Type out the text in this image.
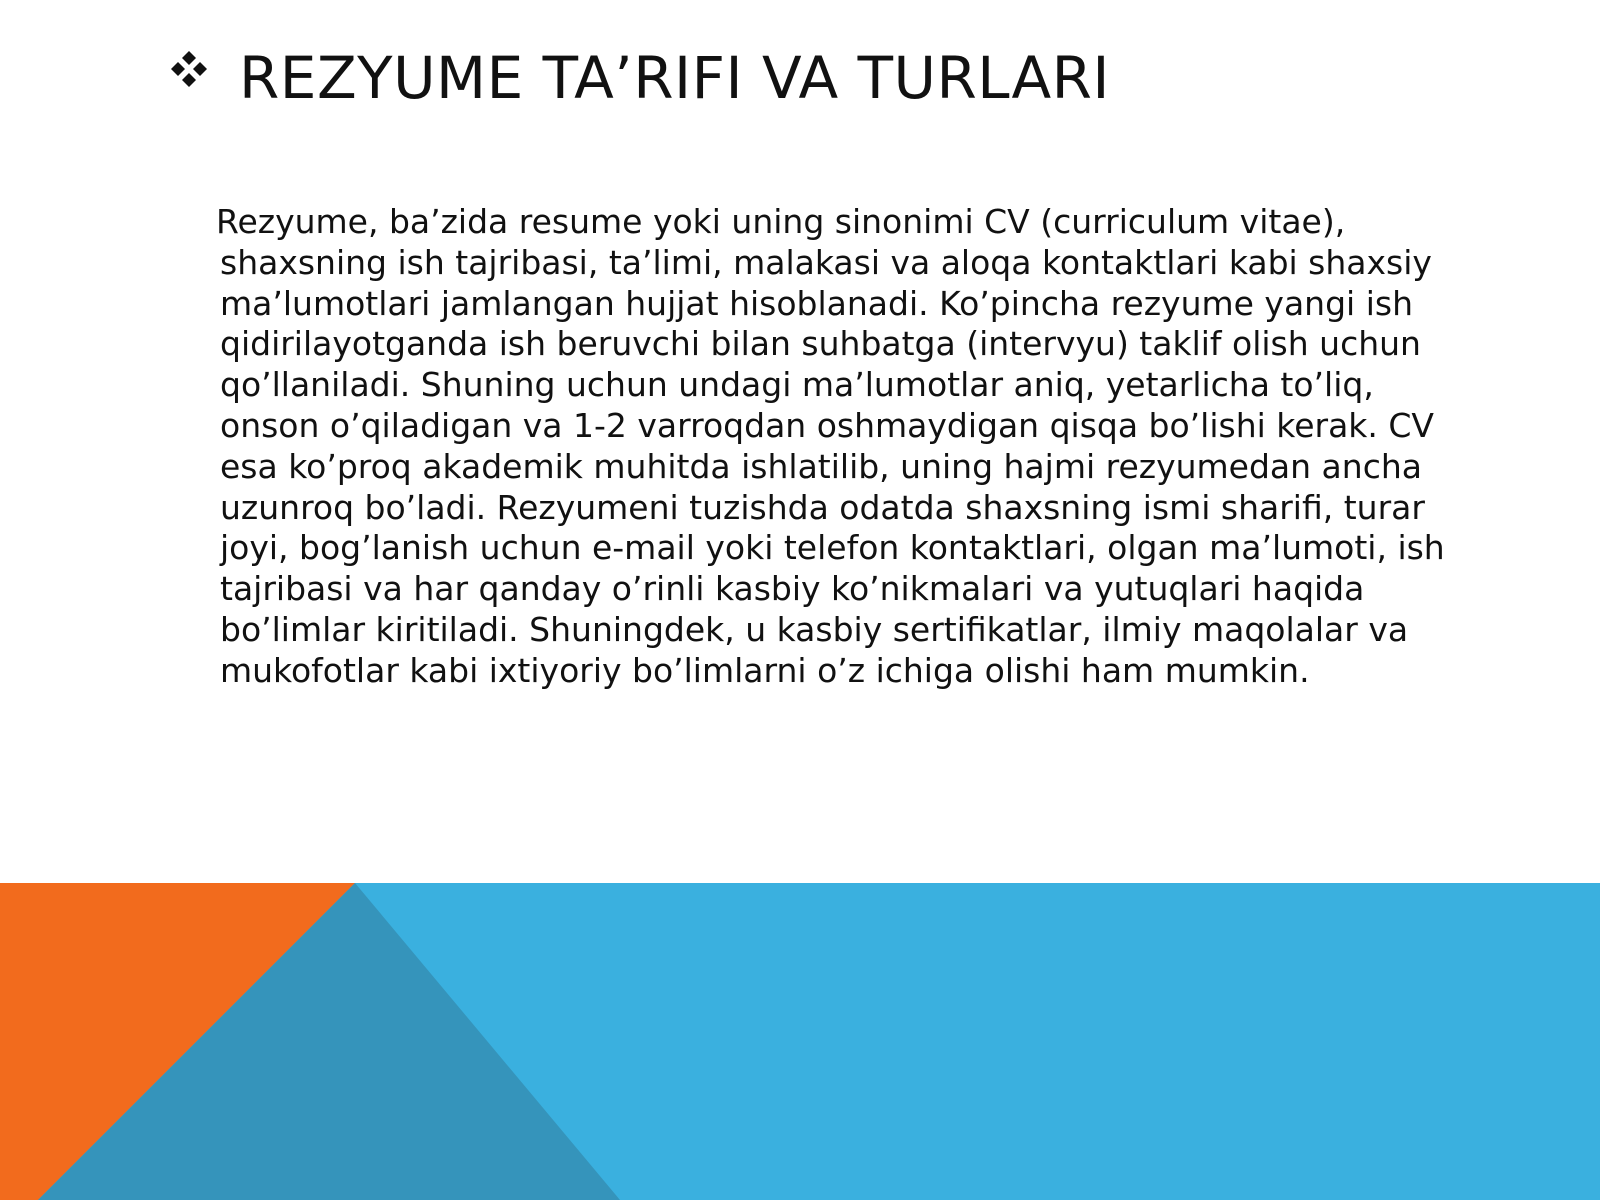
REZYUME TA’RIFI VA TURLARI
Rezyume, ba’zida resume yoki uning sinonimi CV (curriculum vitae), shaxsning ish tajribasi, ta’limi, malakasi va aloqa kontaktlari kabi shaxsiy ma’lumotlari jamlangan hujjat hisoblanadi. Ko’pincha rezyume yangi ish qidirilayotganda ish beruvchi bilan suhbatga (intervyu) taklif olish uchun qo’llaniladi. Shuning uchun undagi ma’lumotlar aniq, yetarlicha to’liq, onson o’qiladigan va 1-2 varroqdan oshmaydigan qisqa bo’lishi kerak. CV esa ko’proq akademik muhitda ishlatilib, uning hajmi rezyumedan ancha uzunroq bo’ladi. Rezyumeni tuzishda odatda shaxsning ismi sharifi, turar joyi, bog’lanish uchun e-mail yoki telefon kontaktlari, olgan ma’lumoti, ish tajribasi va har qanday o’rinli kasbiy ko’nikmalari va yutuqlari haqida bo’limlar kiritiladi. Shuningdek, u kasbiy sertifikatlar, ilmiy maqolalar va mukofotlar kabi ixtiyoriy bo’limlarni o’z ichiga olishi ham mumkin.
